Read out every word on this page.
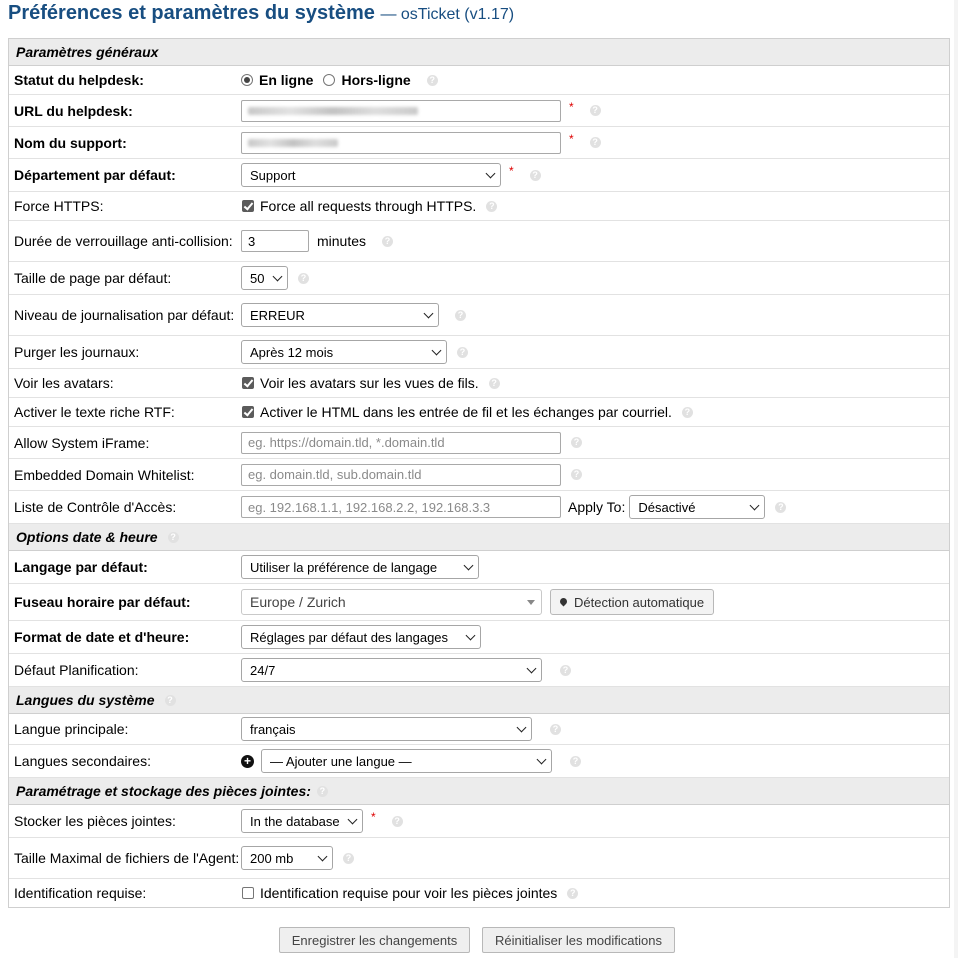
Préférences et paramètres du système — osTicket (v1.17)
Paramètres généraux
Statut du helpdesk:	En ligne Hors-ligne	?
URL du helpdesk:	*	?
Nom du support:	*	?
Département par défaut:	Support	*	?
Force HTTPS:	Force all requests through HTTPS.	?
Durée de verrouillage anti-collision:
3	minutes	?
Taille de page par défaut:	50	?
Niveau de journalisation par défaut:	ERREUR	?
Purger les journaux:	Après 12 mois	?
Voir les avatars:	Voir les avatars sur les vues de fils.	?
Activer le texte riche RTF:	Activer le HTML dans les entrée de fil et les échanges par courriel.	?
Allow System iFrame:
eg. https://domain.tld, *.domain.tld	?
Embedded Domain Whitelist:
eg. domain.tld, sub.domain.tld	?
Liste de Contrôle d'Accès:
eg. 192.168.1.1, 192.168.2.2, 192.168.3.3	Apply To: Désactivé	?
Options date & heure	?
Langage par défaut:	Utiliser la préférence de langage
Fuseau horaire par défaut:	Europe / Zurich	Détection automatique
Format de date et d'heure:	Réglages par défaut des langages
Défaut Planification:	24/7	?
Langues du système	?
Langue principale:	français	?
Langues secondaires:	+ — Ajouter une langue —	?
Paramétrage et stockage des pièces jointes: ?
Stocker les pièces jointes:	In the database	*	?
Taille Maximal de fichiers de l'Agent: 200 mb	?
Identification requise:	Identification requise pour voir les pièces jointes	?
Enregistrer les changements	Réinitialiser les modifications
